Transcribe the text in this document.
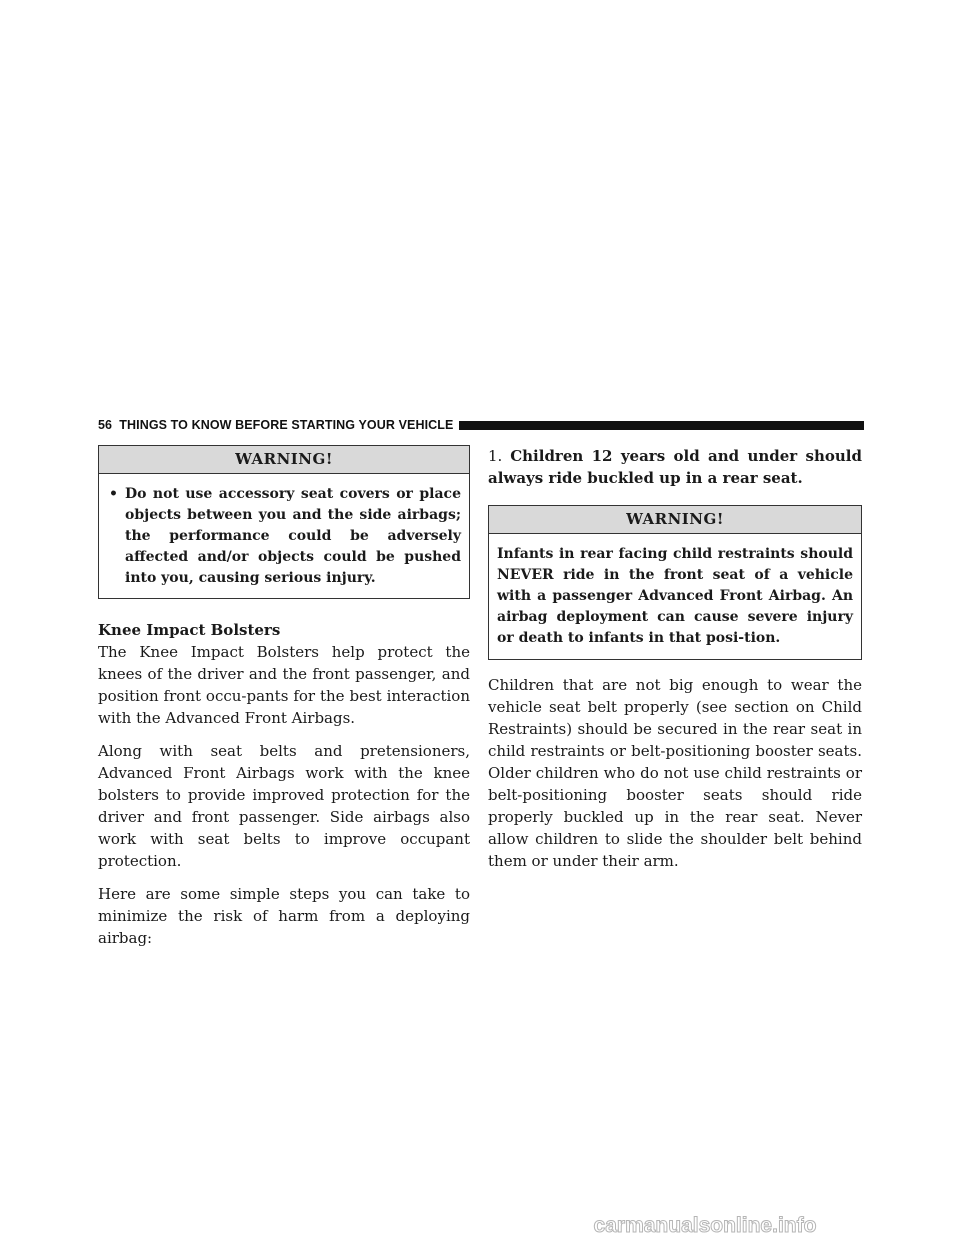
56 THINGS TO KNOW BEFORE STARTING YOUR VEHICLE
WARNING!
• Do not use accessory seat covers or place objects between you and the side airbags; the performance could be adversely affected and/or objects could be pushed into you, causing serious injury.
Knee Impact Bolsters

The Knee Impact Bolsters help protect the knees of the driver and the front passenger, and position front occu-pants for the best interaction with the Advanced Front Airbags.

Along with seat belts and pretensioners, Advanced Front Airbags work with the knee bolsters to provide improved protection for the driver and front passenger. Side airbags also work with seat belts to improve occupant protection.

Here are some simple steps you can take to minimize the risk of harm from a deploying airbag:

1. Children 12 years old and under should always ride buckled up in a rear seat.
WARNING!
Infants in rear facing child restraints should NEVER ride in the front seat of a vehicle with a passenger Advanced Front Airbag. An airbag deployment can cause severe injury or death to infants in that posi-tion.

Children that are not big enough to wear the vehicle seat belt properly (see section on Child Restraints) should be secured in the rear seat in child restraints or belt-positioning booster seats. Older children who do not use child restraints or belt-positioning booster seats should ride properly buckled up in the rear seat. Never allow children to slide the shoulder belt behind them or under their arm.

carmanualsonline.info
